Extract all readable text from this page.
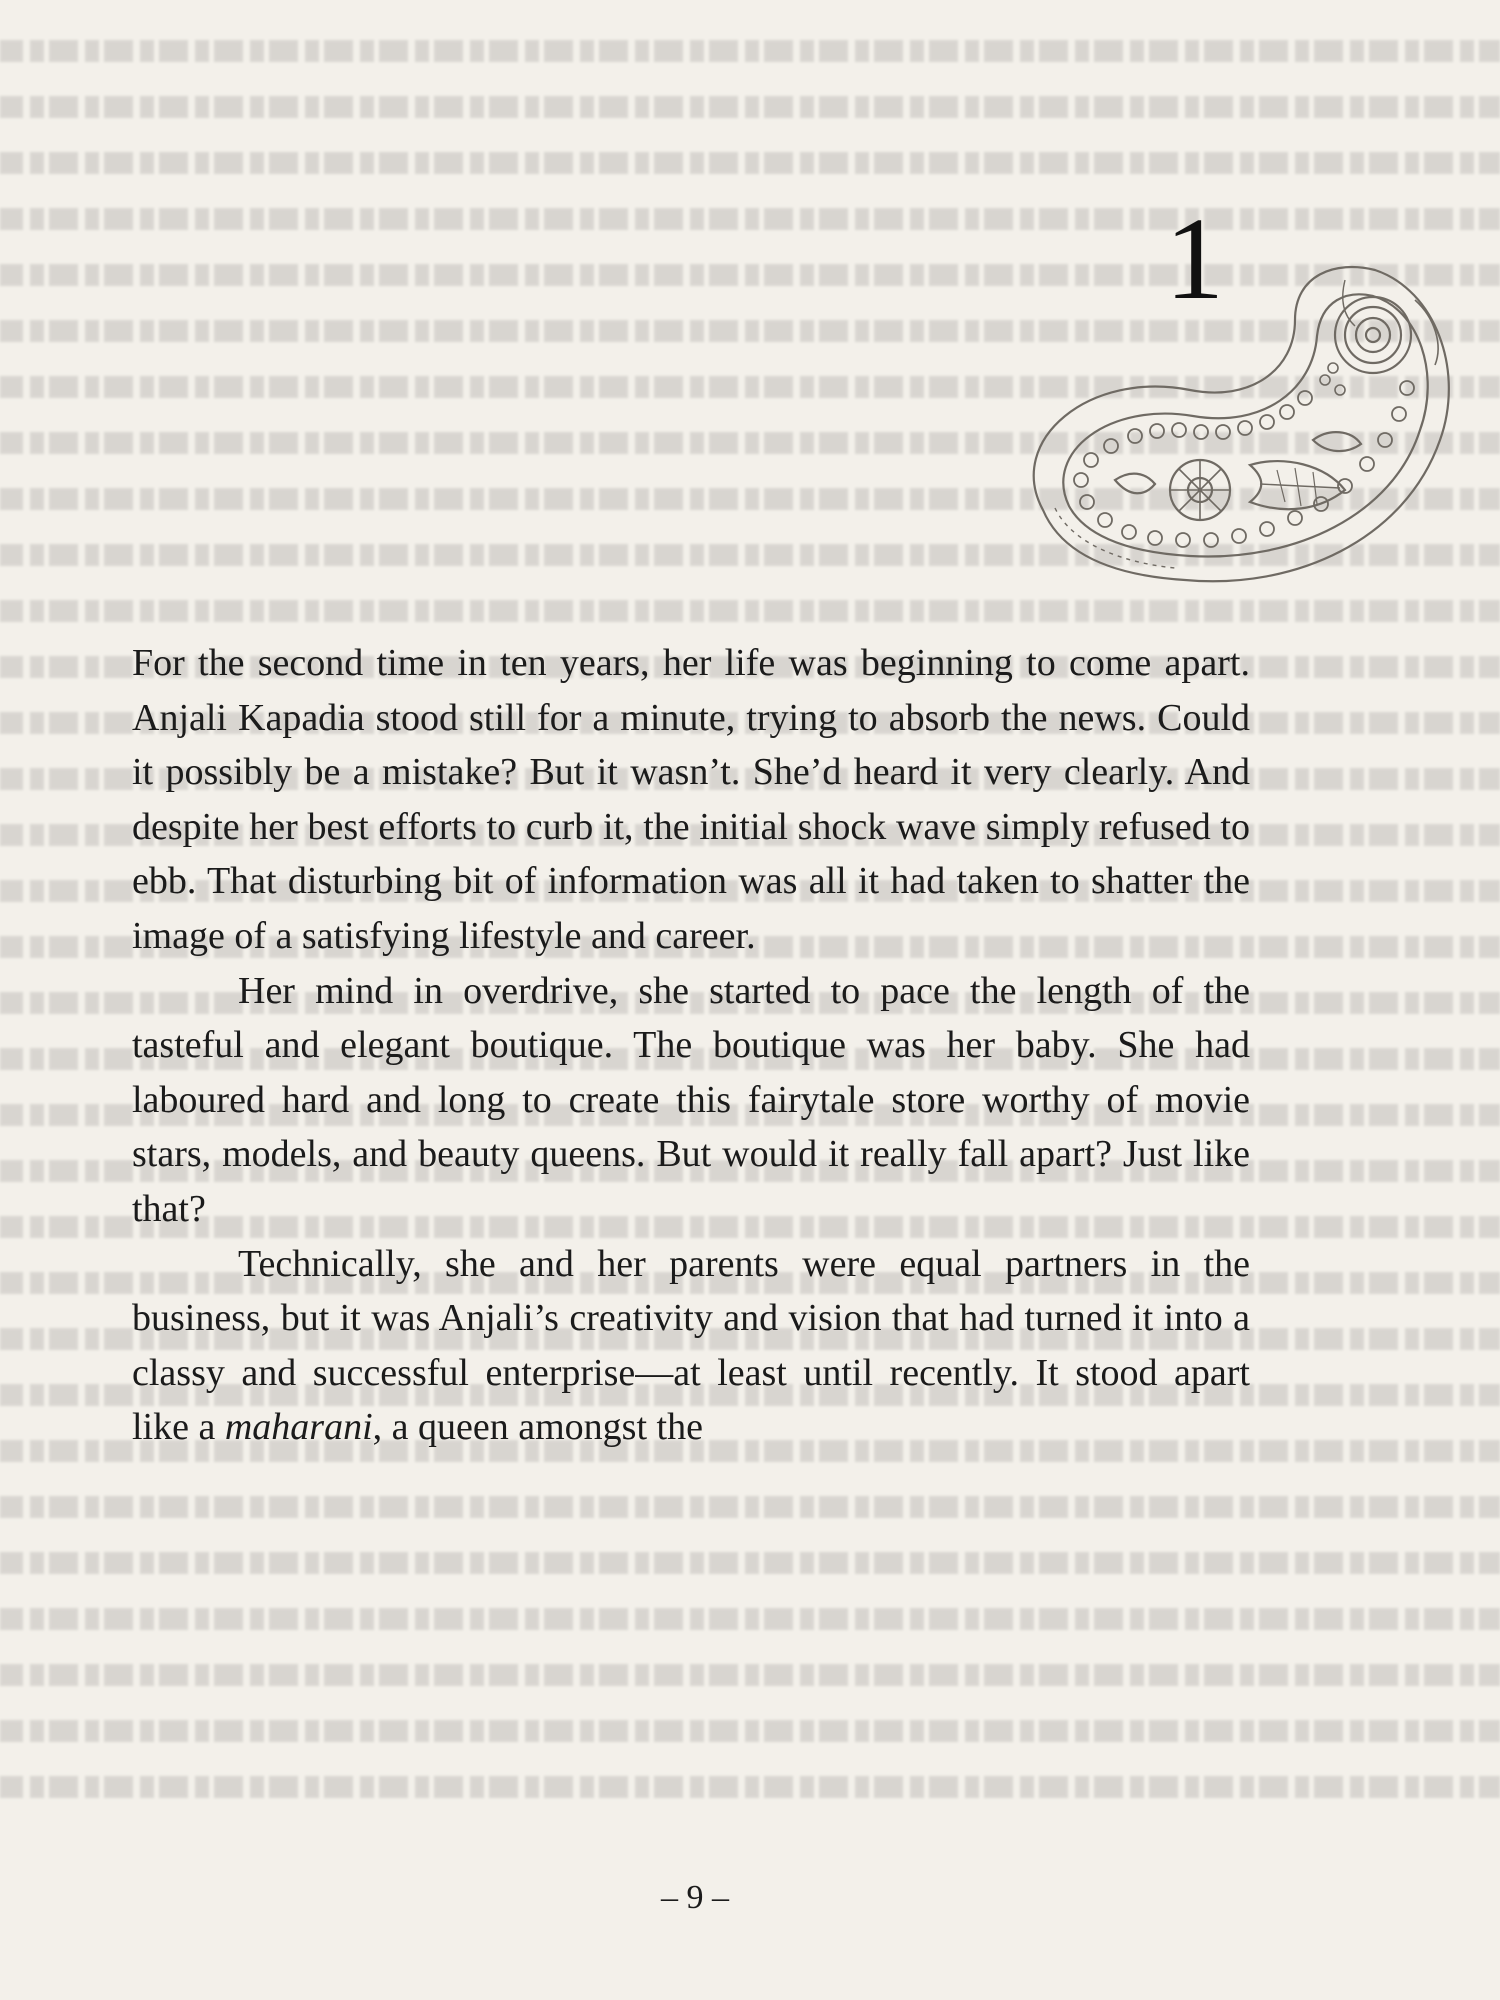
1

For the second time in ten years, her life was beginning to come apart. Anjali Kapadia stood still for a minute, trying to absorb the news. Could it possibly be a mistake? But it wasn’t. She’d heard it very clearly. And despite her best efforts to curb it, the initial shock wave simply refused to ebb. That disturbing bit of information was all it had taken to shatter the image of a satisfying lifestyle and career.

Her mind in overdrive, she started to pace the length of the tasteful and elegant boutique. The boutique was her baby. She had laboured hard and long to create this fairytale store worthy of movie stars, models, and beauty queens. But would it really fall apart? Just like that?

Technically, she and her parents were equal partners in the business, but it was Anjali’s creativity and vision that had turned it into a classy and successful enterprise—at least until recently. It stood apart like a maharani, a queen amongst the

– 9 –
